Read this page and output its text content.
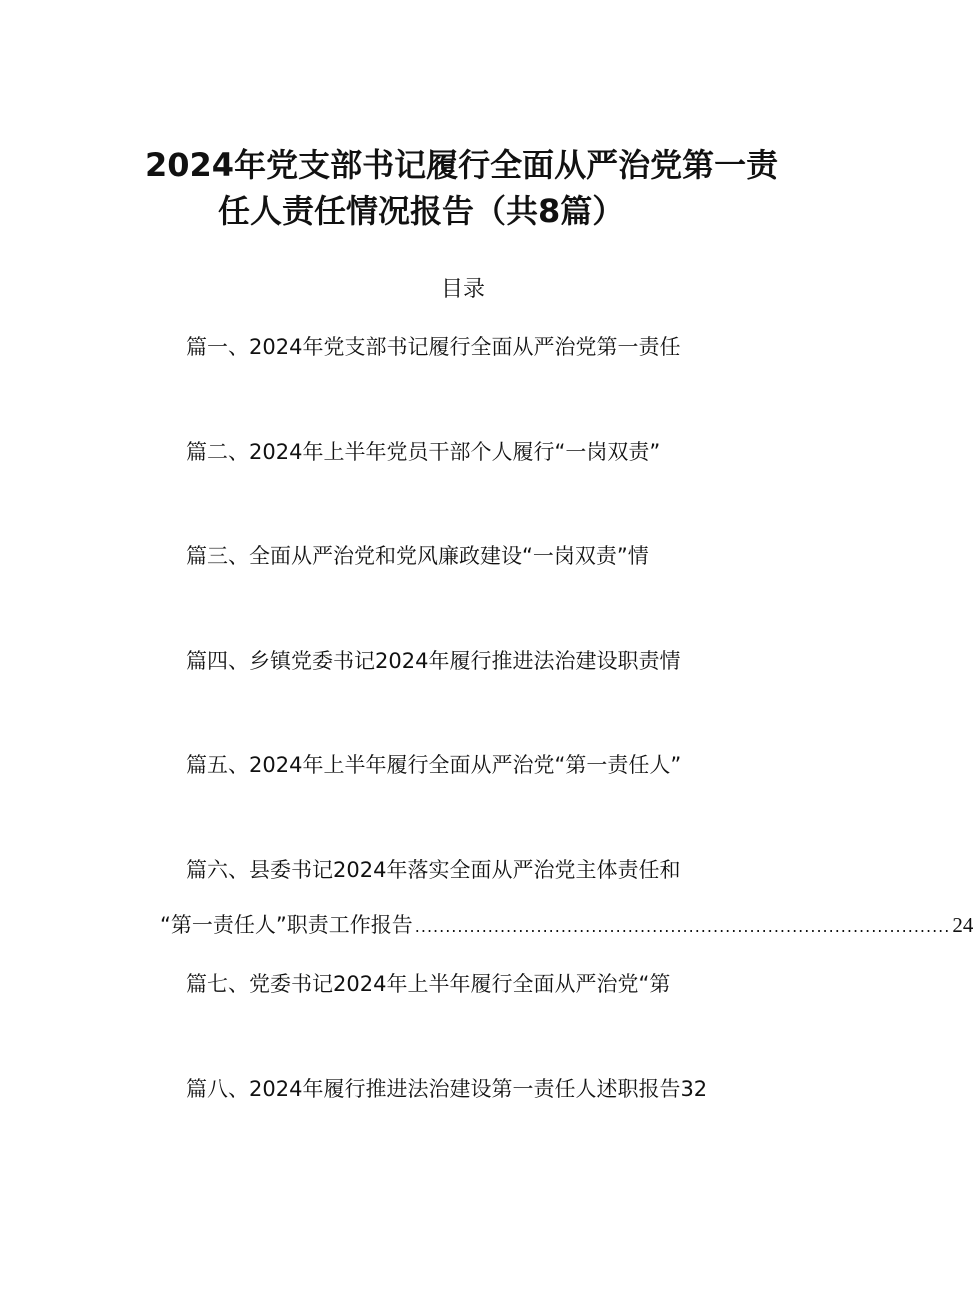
2024年党支部书记履行全面从严治党第一责
任人责任情况报告（共8篇）
目录
篇一、2024年党支部书记履行全面从严治党第一责任
篇二、2024年上半年党员干部个人履行“一岗双责”
篇三、全面从严治党和党风廉政建设“一岗双责”情
篇四、乡镇党委书记2024年履行推进法治建设职责情
篇五、2024年上半年履行全面从严治党“第一责任人”
篇六、县委书记2024年落实全面从严治党主体责任和
“第一责任人”职责工作报告 ........................................................................................ 24
篇七、党委书记2024年上半年履行全面从严治党“第
篇八、2024年履行推进法治建设第一责任人述职报告32
